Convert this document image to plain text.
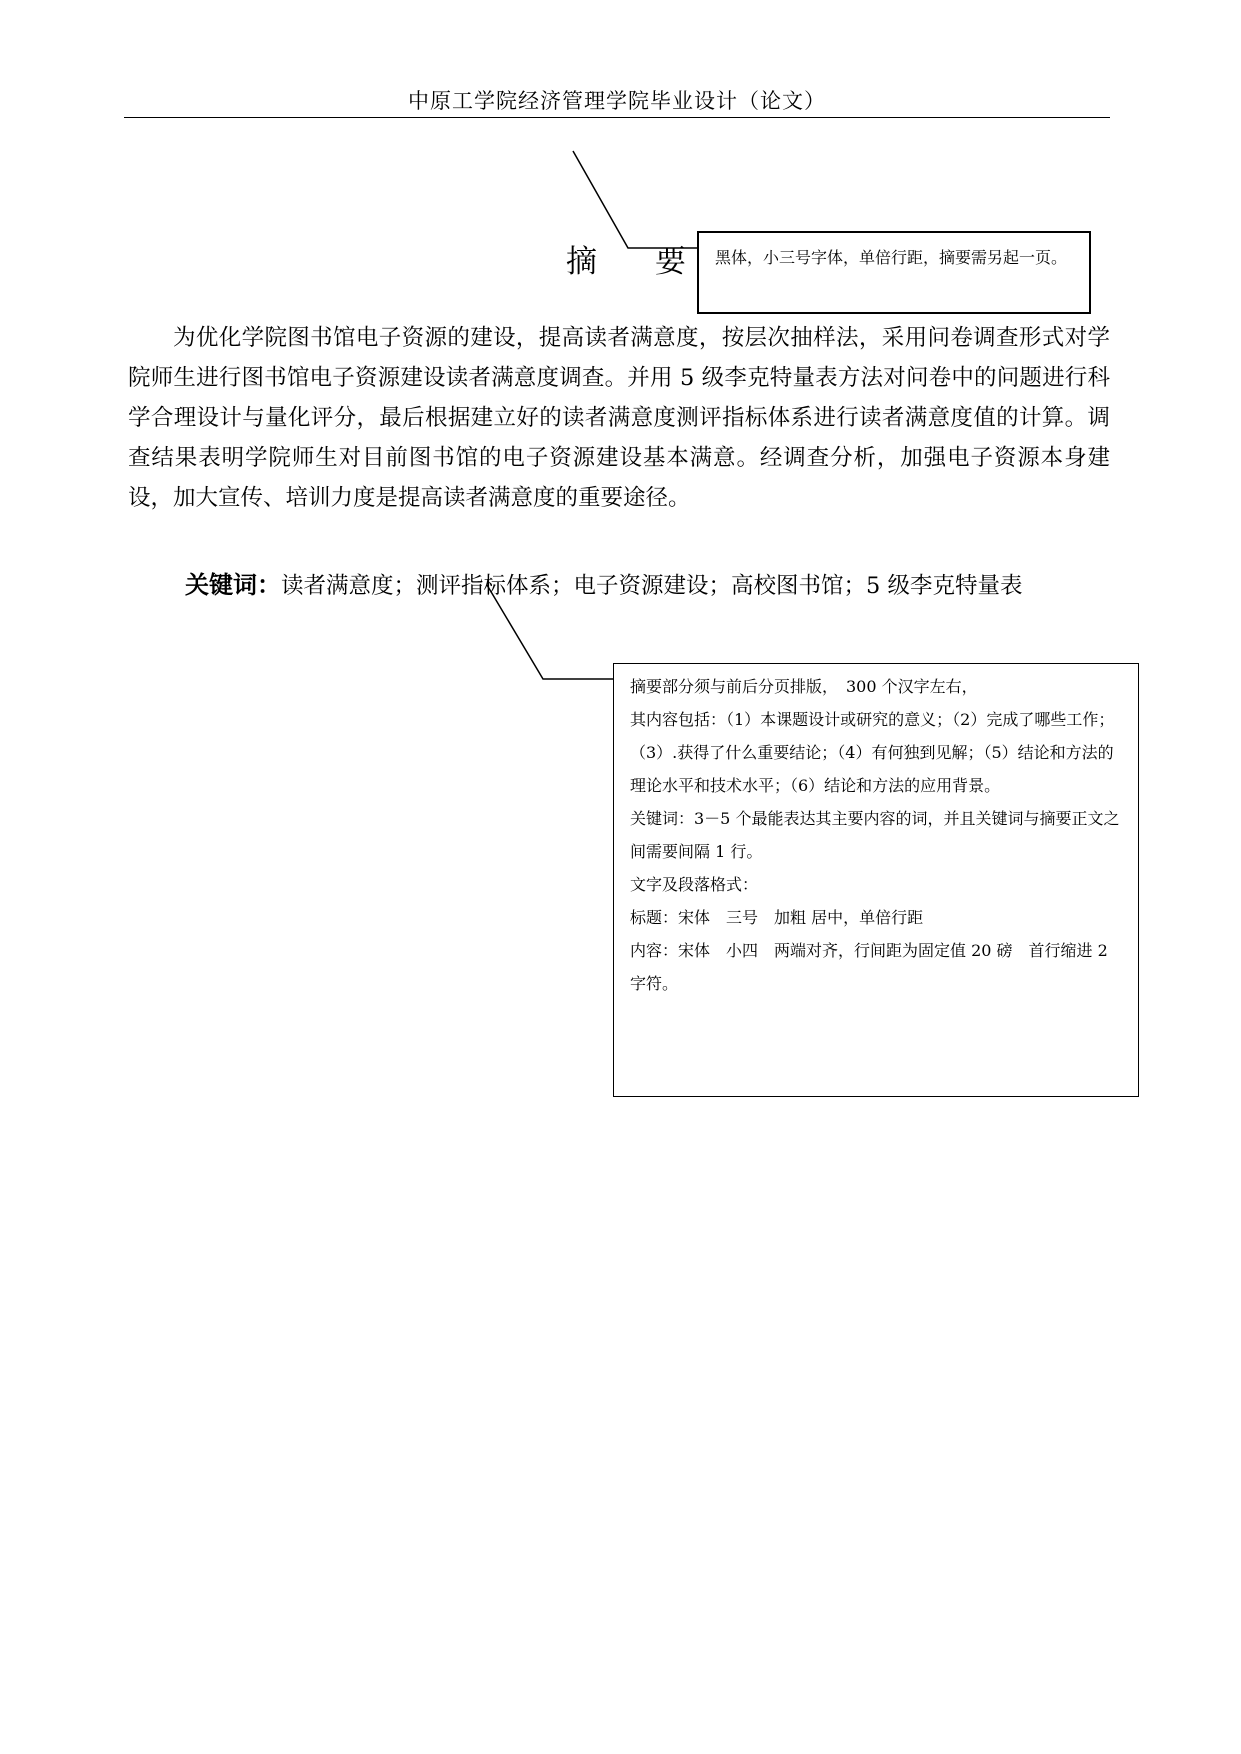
中原工学院经济管理学院毕业设计（论文）
摘 要 黑体，小三号字体，单倍行距，摘要需另起一页。

为优化学院图书馆电子资源的建设，提高读者满意度，按层次抽样法，采用问卷调查形式对学院师生进行图书馆电子资源建设读者满意度调查。并用 5 级李克特量表方法对问卷中的问题进行科学合理设计与量化评分，最后根据建立好的读者满意度测评指标体系进行读者满意度值的计算。调查结果表明学院师生对目前图书馆的电子资源建设基本满意。经调查分析，加强电子资源本身建设，加大宣传、培训力度是提高读者满意度的重要途径。

关键词：读者满意度；测评指标体系；电子资源建设；高校图书馆；5 级李克特量表
摘要部分须与前后分页排版，　300 个汉字左右，
其内容包括：（1）本课题设计或研究的意义；（2）完成了哪些工作；（3）.获得了什么重要结论；（4）有何独到见解；（5）结论和方法的理论水平和技术水平；（6）结论和方法的应用背景。
关键词：3－5 个最能表达其主要内容的词，并且关键词与摘要正文之间需要间隔 1 行。
文字及段落格式：
标题：宋体　三号　加粗 居中，单倍行距
内容：宋体　小四　两端对齐，行间距为固定值 20 磅　首行缩进 2 字符。
